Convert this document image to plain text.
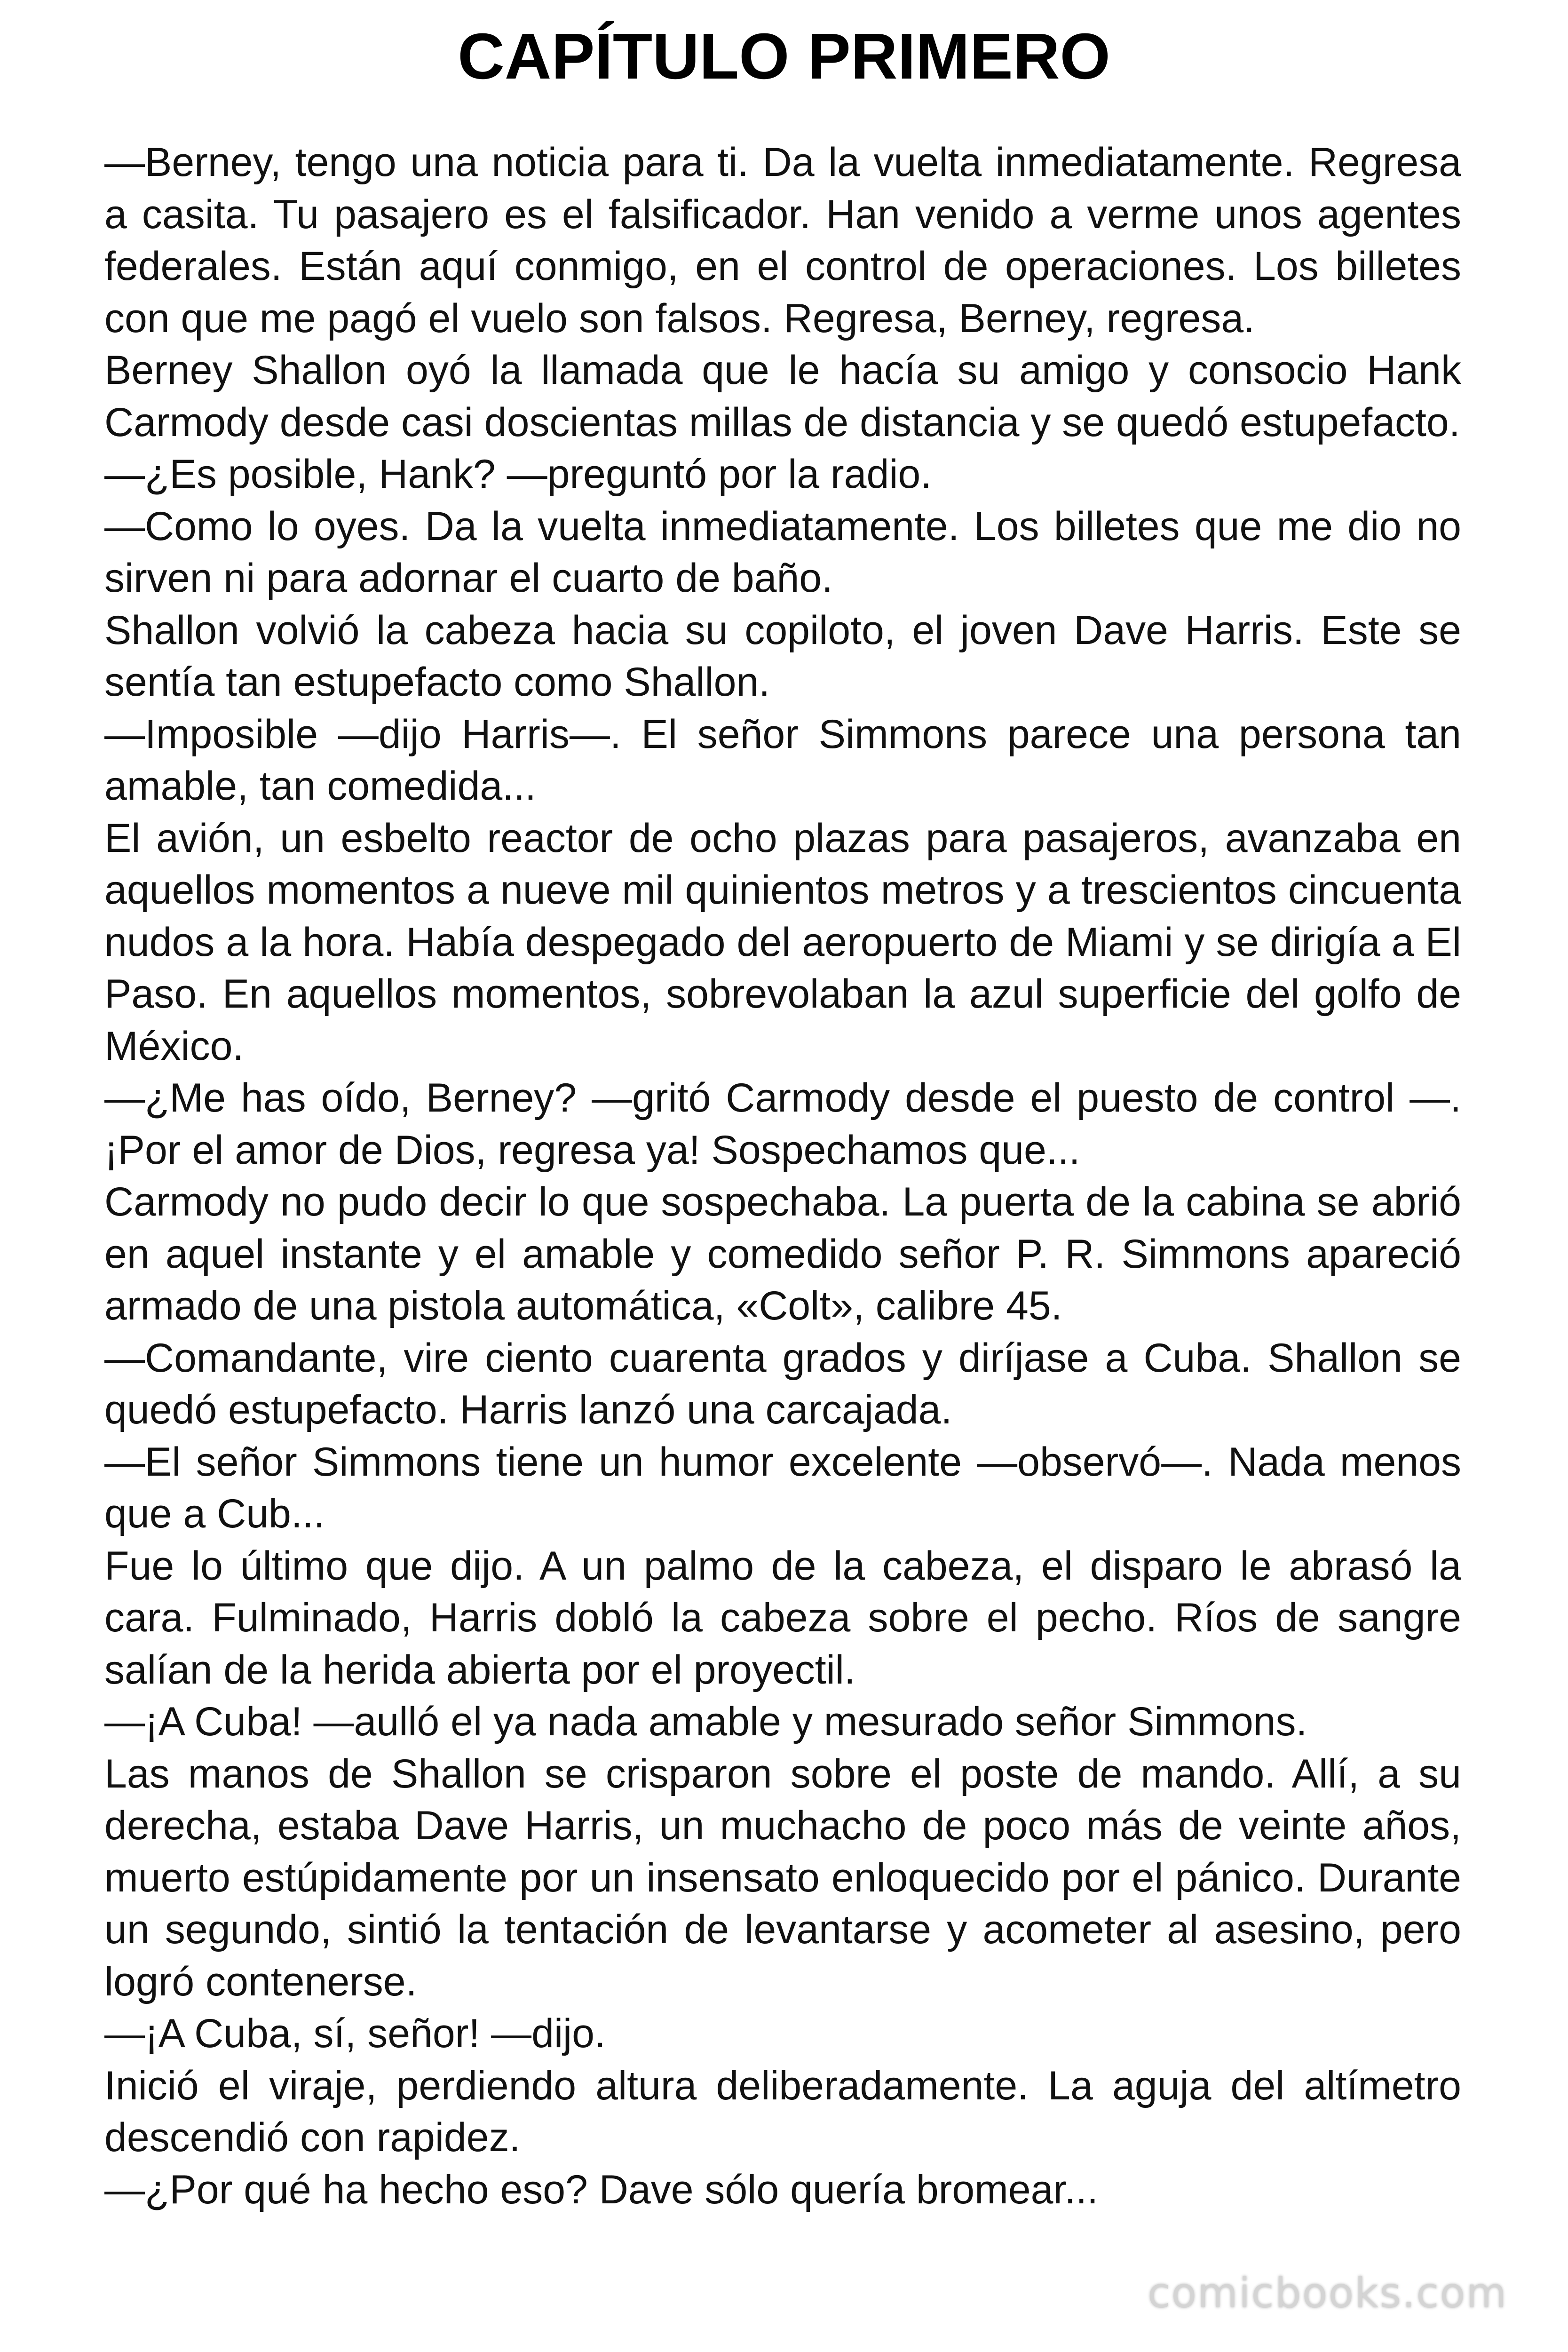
CAPÍTULO PRIMERO

—Berney, tengo una noticia para ti. Da la vuelta inmediatamente. Regresa a casita. Tu pasajero es el falsificador. Han venido a verme unos agentes federales. Están aquí conmigo, en el control de operaciones. Los billetes con que me pagó el vuelo son falsos. Regresa, Berney, regresa.

Berney Shallon oyó la llamada que le hacía su amigo y consocio Hank Carmody desde casi doscientas millas de distancia y se quedó estupefacto.

—¿Es posible, Hank? —preguntó por la radio.

—Como lo oyes. Da la vuelta inmediatamente. Los billetes que me dio no sirven ni para adornar el cuarto de baño.

Shallon volvió la cabeza hacia su copiloto, el joven Dave Harris. Este se sentía tan estupefacto como Shallon.

—Imposible —dijo Harris—. El señor Simmons parece una persona tan amable, tan comedida...

El avión, un esbelto reactor de ocho plazas para pasajeros, avanzaba en aquellos momentos a nueve mil quinientos metros y a trescientos cincuenta nudos a la hora. Había despegado del aeropuerto de Miami y se dirigía a El Paso. En aquellos momentos, sobrevolaban la azul superficie del golfo de México.

—¿Me has oído, Berney? —gritó Carmody desde el puesto de control —. ¡Por el amor de Dios, regresa ya! Sospechamos que...

Carmody no pudo decir lo que sospechaba. La puerta de la cabina se abrió en aquel instante y el amable y comedido señor P. R. Simmons apareció armado de una pistola automática, «Colt», calibre 45.

—Comandante, vire ciento cuarenta grados y diríjase a Cuba. Shallon se quedó estupefacto. Harris lanzó una carcajada.

—El señor Simmons tiene un humor excelente —observó—. Nada menos que a Cub...

Fue lo último que dijo. A un palmo de la cabeza, el disparo le abrasó la cara. Fulminado, Harris dobló la cabeza sobre el pecho. Ríos de sangre salían de la herida abierta por el proyectil.

—¡A Cuba! —aulló el ya nada amable y mesurado señor Simmons.

Las manos de Shallon se crisparon sobre el poste de mando. Allí, a su derecha, estaba Dave Harris, un muchacho de poco más de veinte años, muerto estúpidamente por un insensato enloquecido por el pánico. Durante un segundo, sintió la tentación de levantarse y acometer al asesino, pero logró contenerse.

—¡A Cuba, sí, señor! —dijo.

Inició el viraje, perdiendo altura deliberadamente. La aguja del altímetro descendió con rapidez.

—¿Por qué ha hecho eso? Dave sólo quería bromear...

comicbooks.com
